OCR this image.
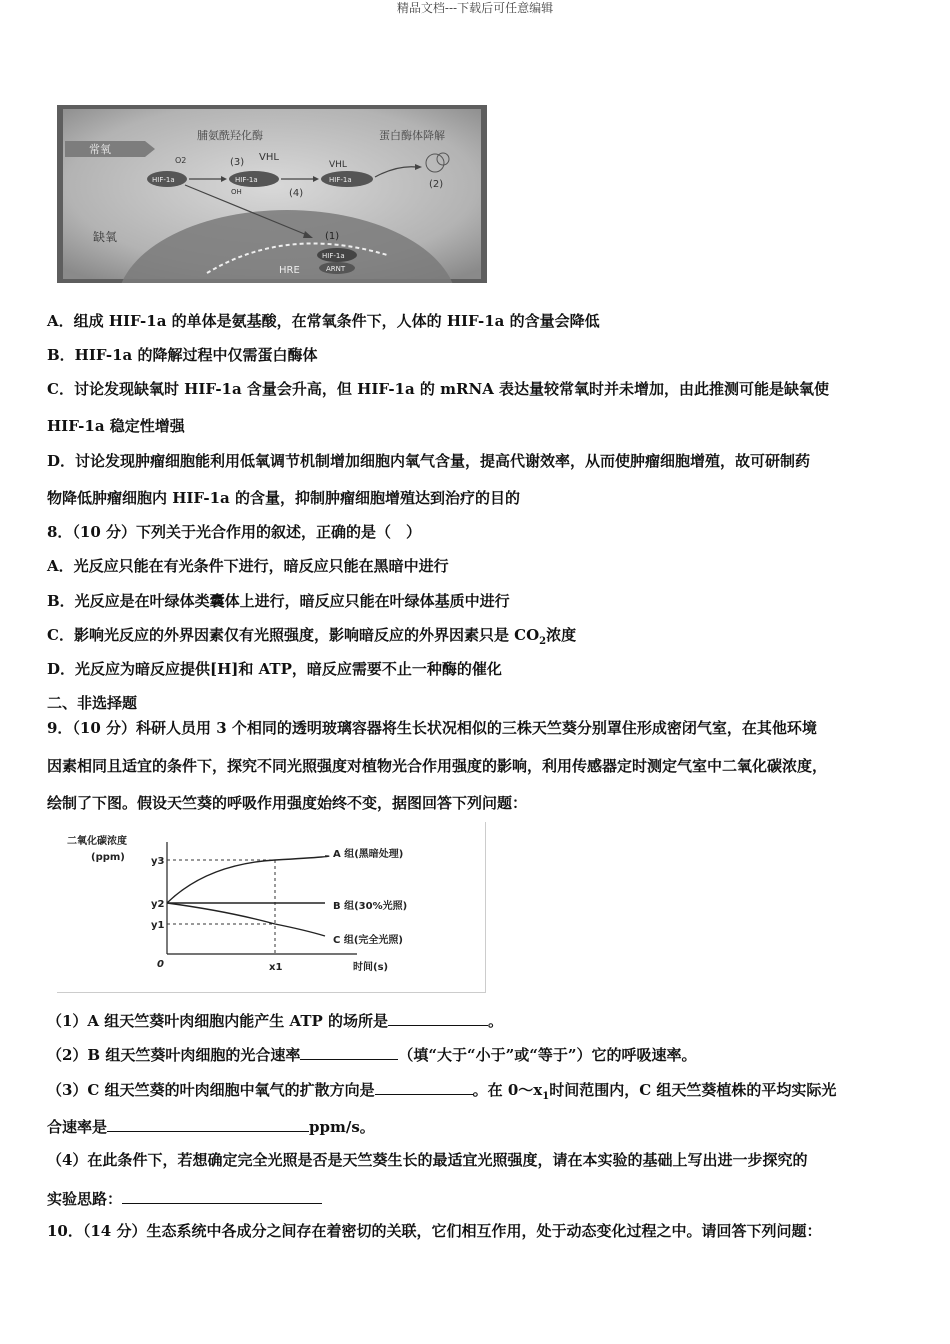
精品文档---下载后可任意编辑
常氧
缺氧
脯氨酰羟化酶	蛋白酶体降解
HIF-1a
O2	(3)
HIF-1a
OH
VHL
(4)
HIF-1a
VHL
(2)
(1)
HIF-1a
ARNT
HRE
A．组成 HIF-1a 的单体是氨基酸，在常氧条件下，人体的 HIF-1a 的含量会降低
B．HIF-1a 的降解过程中仅需蛋白酶体
C．讨论发现缺氧时 HIF-1a 含量会升高，但 HIF-1a 的 mRNA 表达量较常氧时并未增加，由此推测可能是缺氧使
HIF-1a 稳定性增强
D．讨论发现肿瘤细胞能利用低氧调节机制增加细胞内氧气含量，提高代谢效率，从而使肿瘤细胞增殖，故可研制药
物降低肿瘤细胞内 HIF-1a 的含量，抑制肿瘤细胞增殖达到治疗的目的
8．（10 分）下列关于光合作用的叙述，正确的是（　）
A．光反应只能在有光条件下进行，暗反应只能在黑暗中进行
B．光反应是在叶绿体类囊体上进行，暗反应只能在叶绿体基质中进行
C．影响光反应的外界因素仅有光照强度，影响暗反应的外界因素只是 $CO_2$浓度
D．光反应为暗反应提供[H]和 ATP，暗反应需要不止一种酶的催化
二、非选择题
9．（10 分）科研人员用 3 个相同的透明玻璃容器将生长状况相似的三株天竺葵分别罩住形成密闭气室，在其他环境
因素相同且适宜的条件下，探究不同光照强度对植物光合作用强度的影响，利用传感器定时测定气室中二氧化碳浓度，
绘制了下图。假设天竺葵的呼吸作用强度始终不变，据图回答下列问题：
二氧化碳浓度
(ppm)
0	时间(s)
x1
y3
y2
y1
A 组(黑暗处理)
B 组(30%光照)
C 组(完全光照)
（1）A 组天竺葵叶肉细胞内能产生 ATP 的场所是	。
（2）B 组天竺葵叶肉细胞的光合速率	（填“大于“小于”或“等于”）它的呼吸速率。
（3）C 组天竺葵的叶肉细胞中氧气的扩散方向是	。在 $0\sim x_1$时间范围内，C 组天竺葵植株的平均实际光
合速率是	ppm/s。
（4）在此条件下，若想确定完全光照是否是天竺葵生长的最适宜光照强度，请在本实验的基础上写出进一步探究的
实验思路：
10．（14 分）生态系统中各成分之间存在着密切的关联，它们相互作用，处于动态变化过程之中。请回答下列问题：
